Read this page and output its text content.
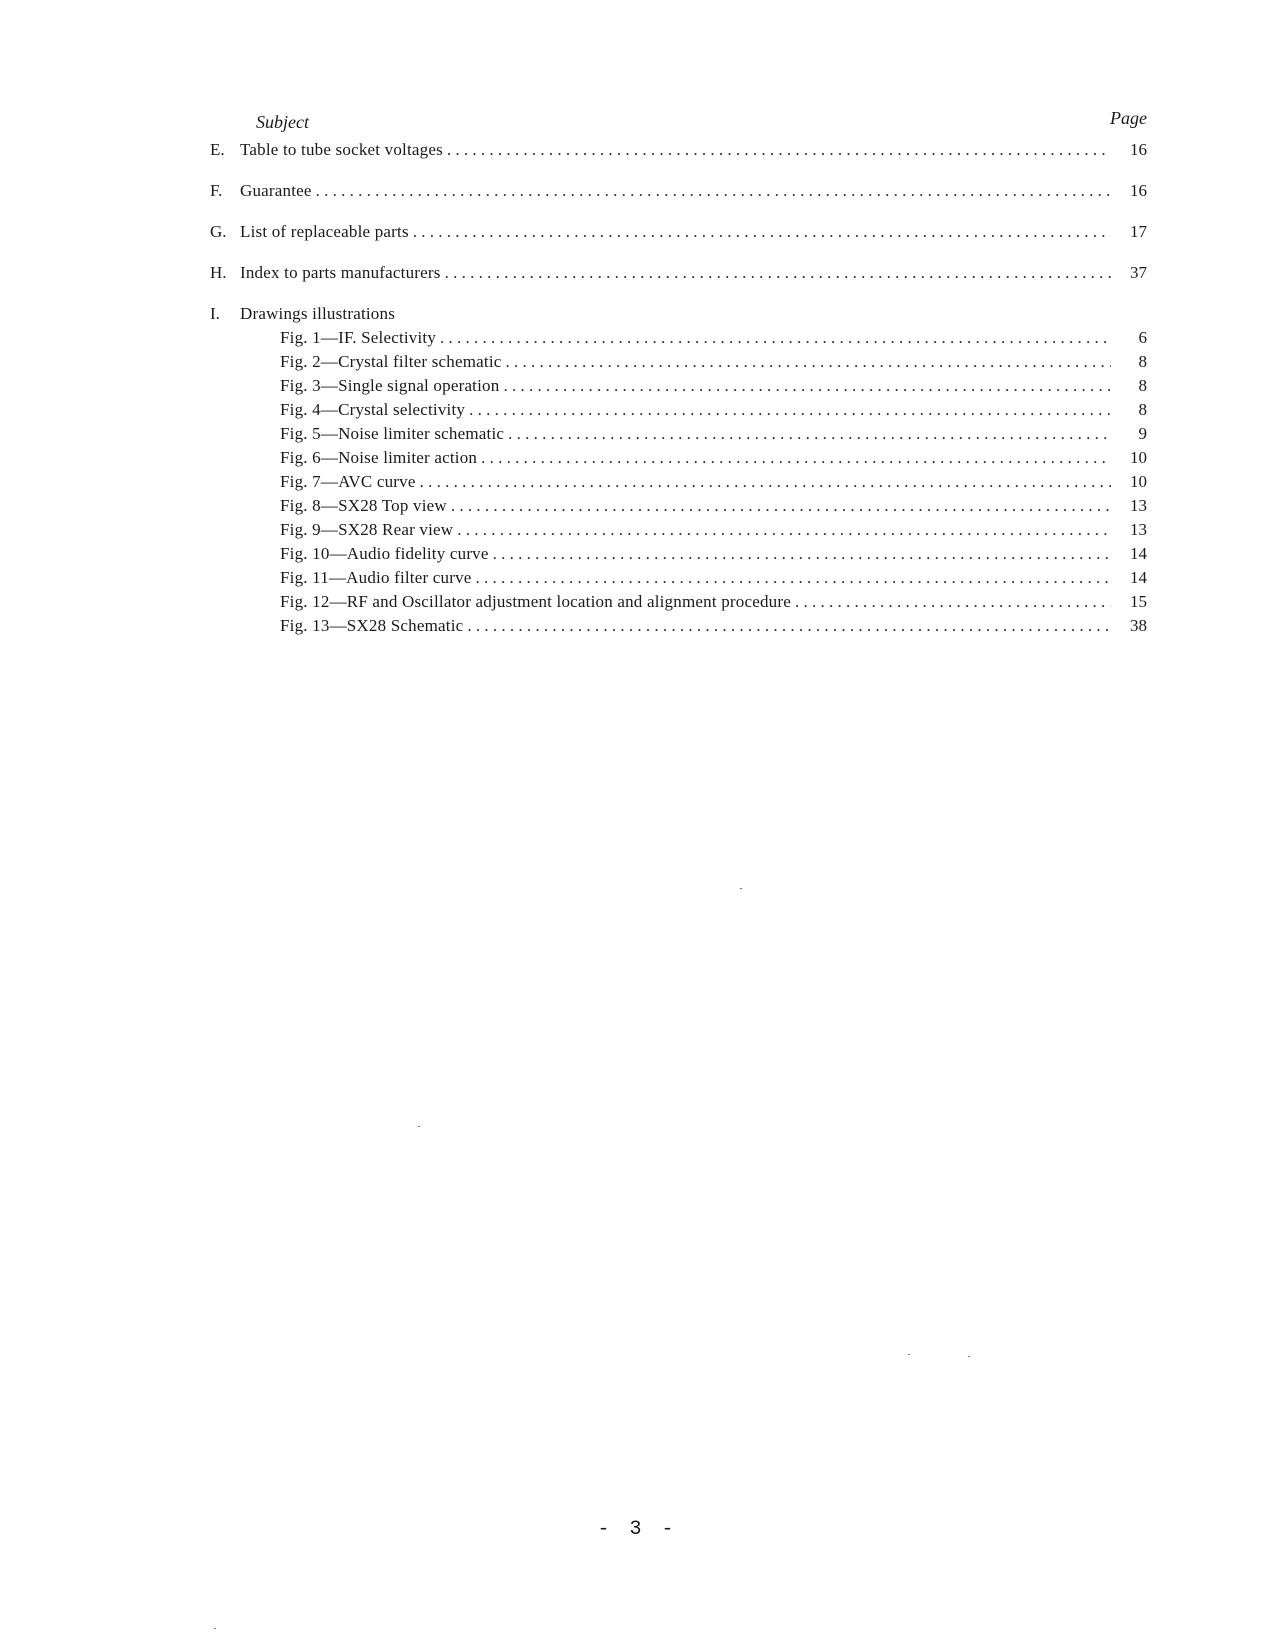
Subject	Page
E. Table to tube socket voltages . . .	16
F.	Guarantee . . .	16
G. List of replaceable parts . . .	17
H. Index to parts manufacturers . . .	37
I.	Drawings illustrations
Fig. 1—IF. Selectivity . . .	6
Fig. 2—Crystal filter schematic . . .	8
Fig. 3—Single signal operation . . .	8
Fig. 4—Crystal selectivity . . .	8
Fig. 5—Noise limiter schematic . . .	9
Fig. 6—Noise limiter action . . .	10
Fig. 7—AVC curve . . .	10
Fig. 8—SX28 Top view . . .	13
Fig. 9—SX28 Rear view . . .	13
Fig. 10—Audio fidelity curve . . .	14
Fig. 11—Audio filter curve . . .	14
Fig. 12—RF and Oscillator adjustment location and alignment procedure . . .	15
Fig. 13—SX28 Schematic . . .	38
- 3 -
